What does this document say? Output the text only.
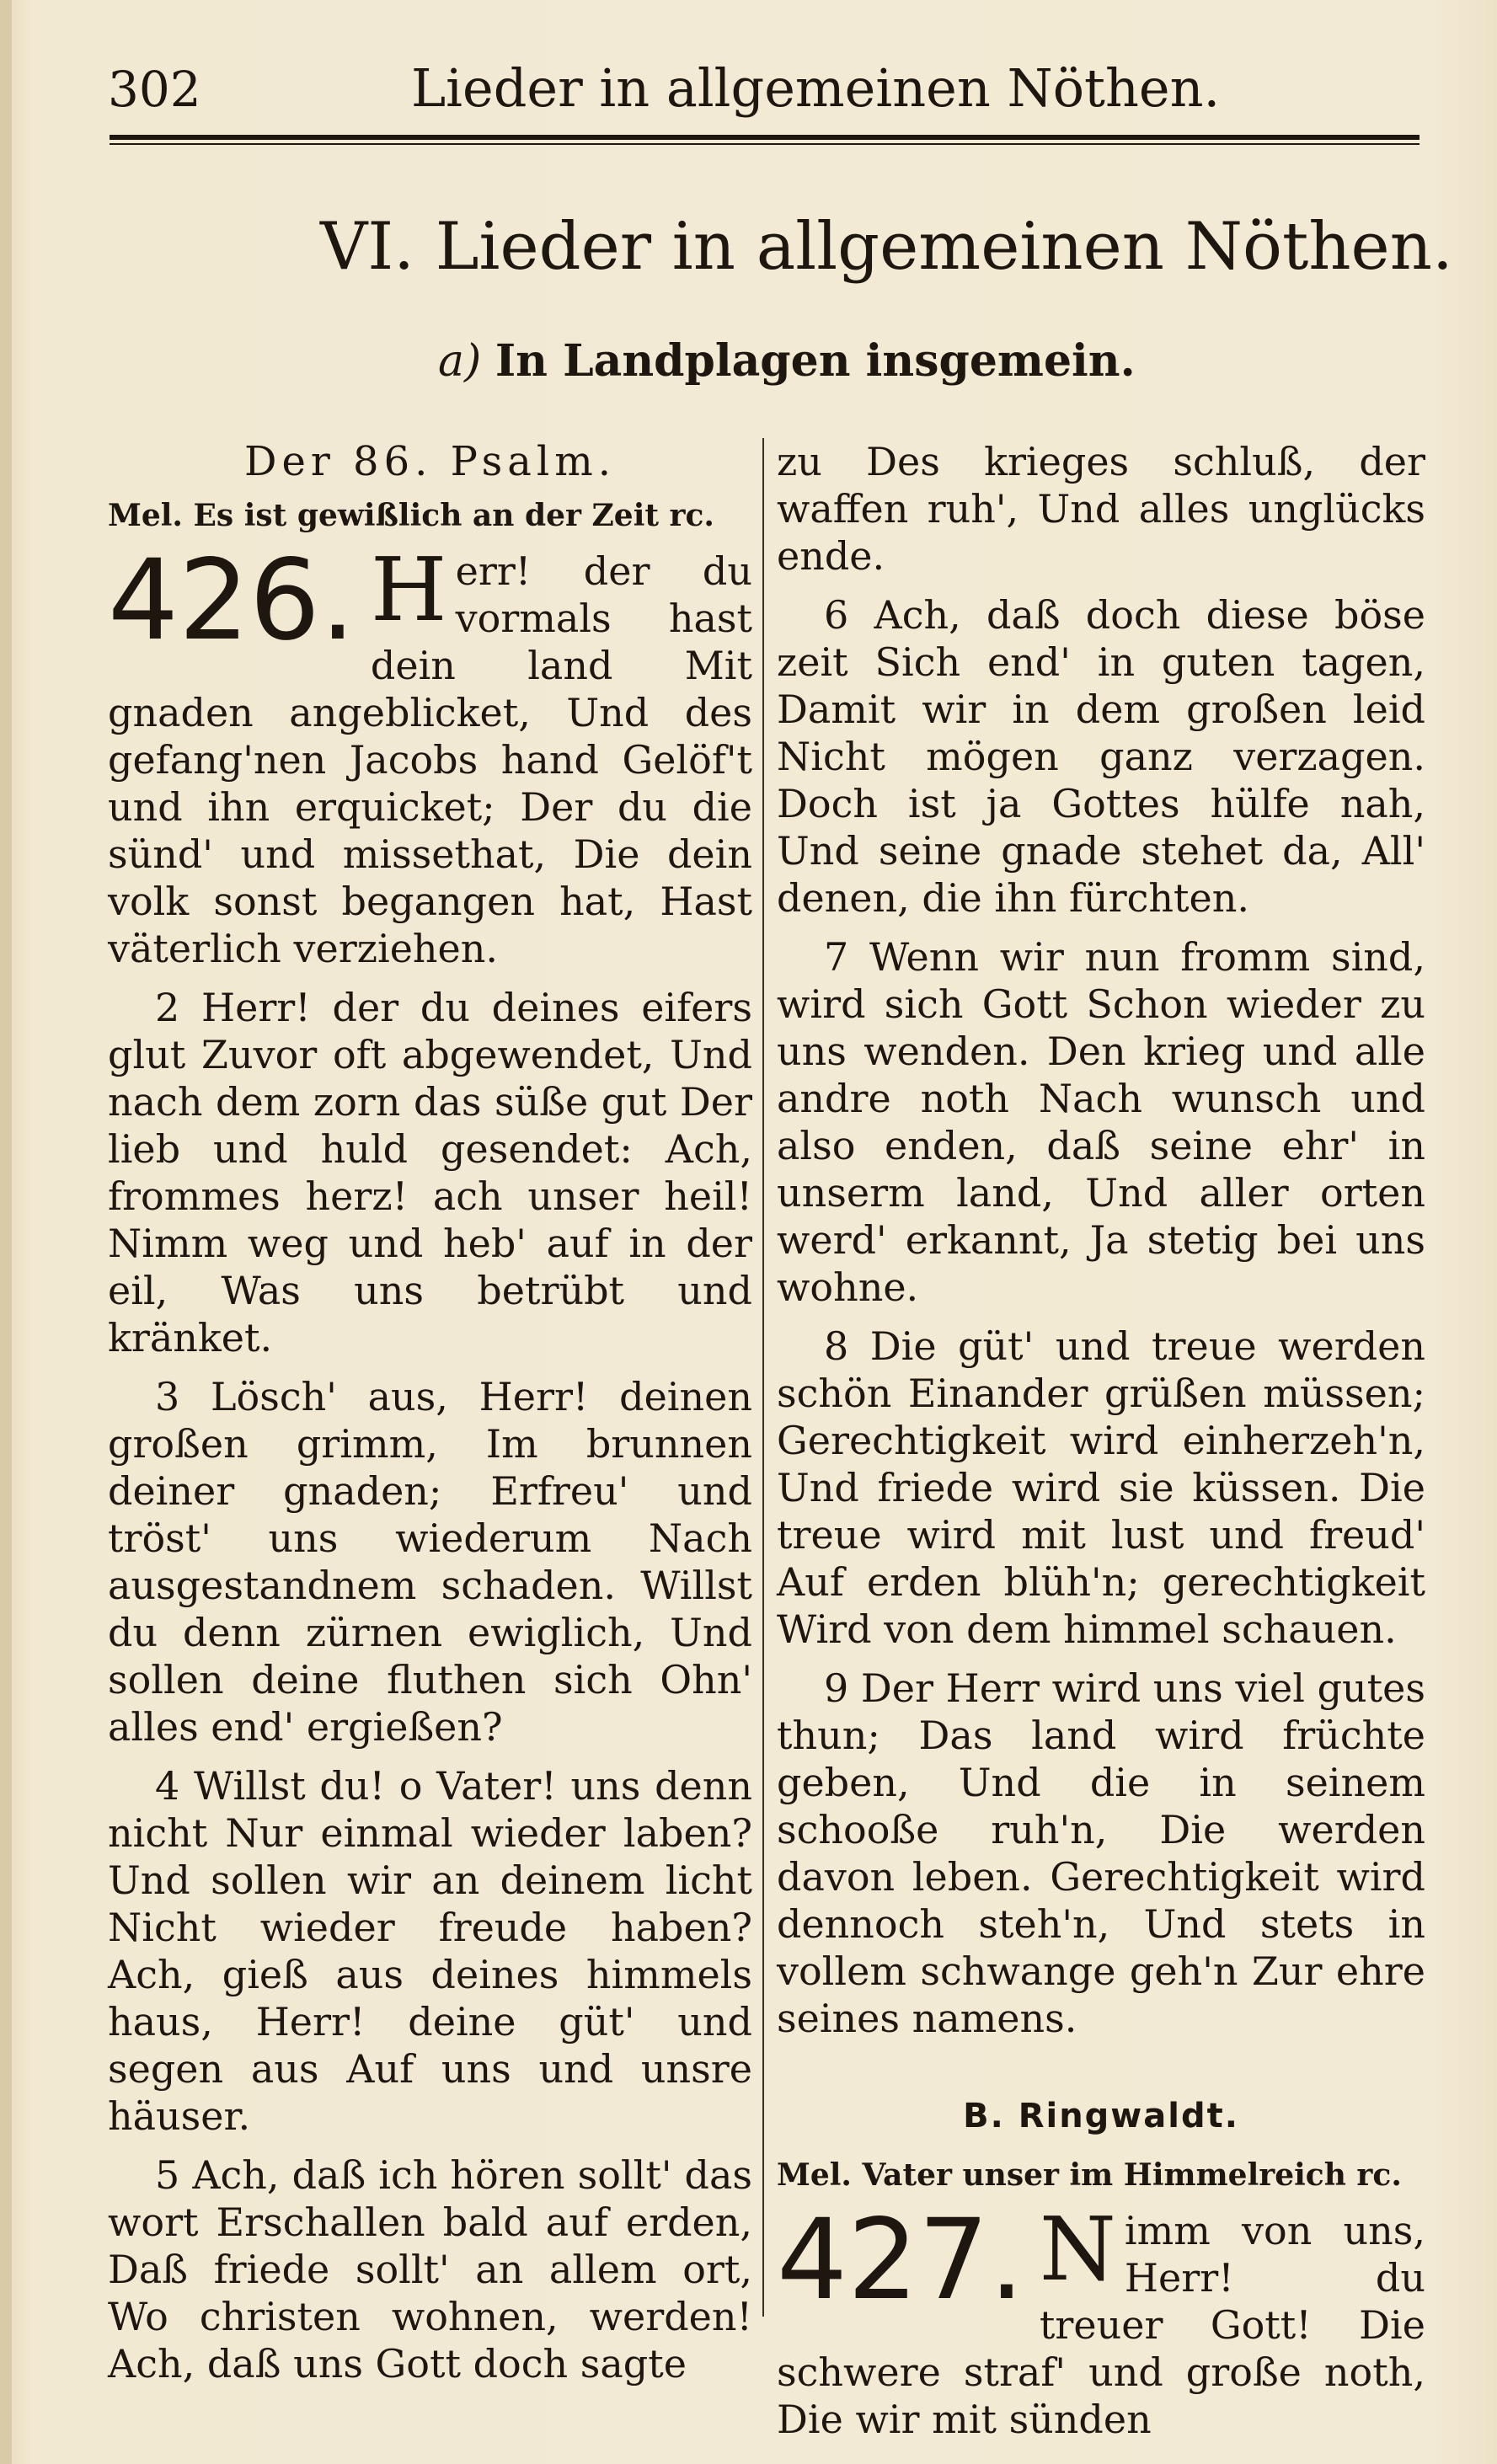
302	Lieder in allgemeinen Nöthen.
VI. Lieder in allgemeinen Nöthen.
a) In Landplagen insgemein.
Der 86. Psalm.
Mel. Es ist gewißlich an der Zeit rc.

426. H err! der du vormals hast dein land Mit gnaden angeblicket, Und des gefang'nen Jacobs hand Gelöf't und ihn erquicket; Der du die sünd' und missethat, Die dein volk sonst begangen hat, Hast väterlich verziehen.

2 Herr! der du deines eifers glut Zuvor oft abgewendet, Und nach dem zorn das süße gut Der lieb und huld gesendet: Ach, frommes herz! ach unser heil! Nimm weg und heb' auf in der eil, Was uns betrübt und kränket.

3 Lösch' aus, Herr! deinen großen grimm, Im brunnen deiner gnaden; Erfreu' und tröst' uns wiederum Nach ausgestandnem schaden. Willst du denn zürnen ewiglich, Und sollen deine fluthen sich Ohn' alles end' ergießen?

4 Willst du! o Vater! uns denn nicht Nur einmal wieder laben? Und sollen wir an deinem licht Nicht wieder freude haben? Ach, gieß aus deines himmels haus, Herr! deine güt' und segen aus Auf uns und unsre häuser.

5 Ach, daß ich hören sollt' das wort Erschallen bald auf erden, Daß friede sollt' an allem ort, Wo christen wohnen, werden! Ach, daß uns Gott doch sagte

zu Des krieges schluß, der waffen ruh', Und alles unglücks ende.

6 Ach, daß doch diese böse zeit Sich end' in guten tagen, Damit wir in dem großen leid Nicht mögen ganz verzagen. Doch ist ja Gottes hülfe nah, Und seine gnade stehet da, All' denen, die ihn fürchten.

7 Wenn wir nun fromm sind, wird sich Gott Schon wieder zu uns wenden. Den krieg und alle andre noth Nach wunsch und also enden, daß seine ehr' in unserm land, Und aller orten werd' erkannt, Ja stetig bei uns wohne.

8 Die güt' und treue werden schön Einander grüßen müssen; Gerechtigkeit wird einherzeh'n, Und friede wird sie küssen. Die treue wird mit lust und freud' Auf erden blüh'n; gerechtigkeit Wird von dem himmel schauen.

9 Der Herr wird uns viel gutes thun; Das land wird früchte geben, Und die in seinem schooße ruh'n, Die werden davon leben. Gerechtigkeit wird dennoch steh'n, Und stets in vollem schwange geh'n Zur ehre seines namens.

B. Ringwaldt.
Mel. Vater unser im Himmelreich rc.

427. N imm von uns, Herr! du treuer Gott! Die schwere straf' und große noth, Die wir mit sünden
